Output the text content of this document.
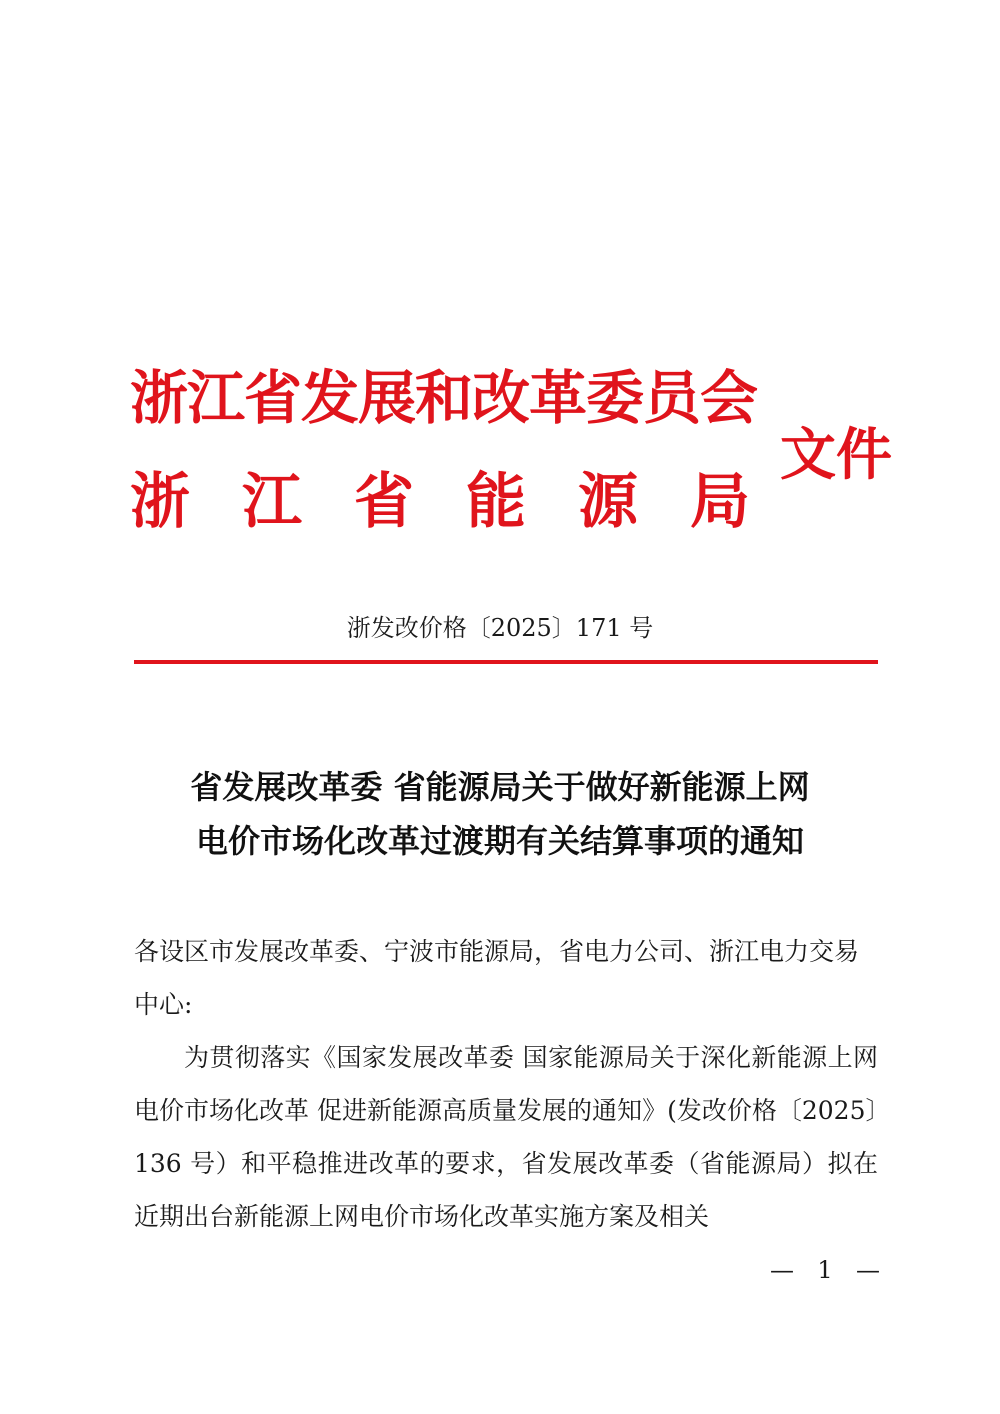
浙江省发展和改革委员会
浙 江 省 能 源 局
文件
浙发改价格〔2025〕171 号
省发展改革委 省能源局关于做好新能源上网
电价市场化改革过渡期有关结算事项的通知
各设区市发展改革委、宁波市能源局，省电力公司、浙江电力交易中心:
为贯彻落实《国家发展改革委 国家能源局关于深化新能源上网电价市场化改革 促进新能源高质量发展的通知》(发改价格〔2025〕136 号）和平稳推进改革的要求，省发展改革委（省能源局）拟在近期出台新能源上网电价市场化改革实施方案及相关
— 1 —
